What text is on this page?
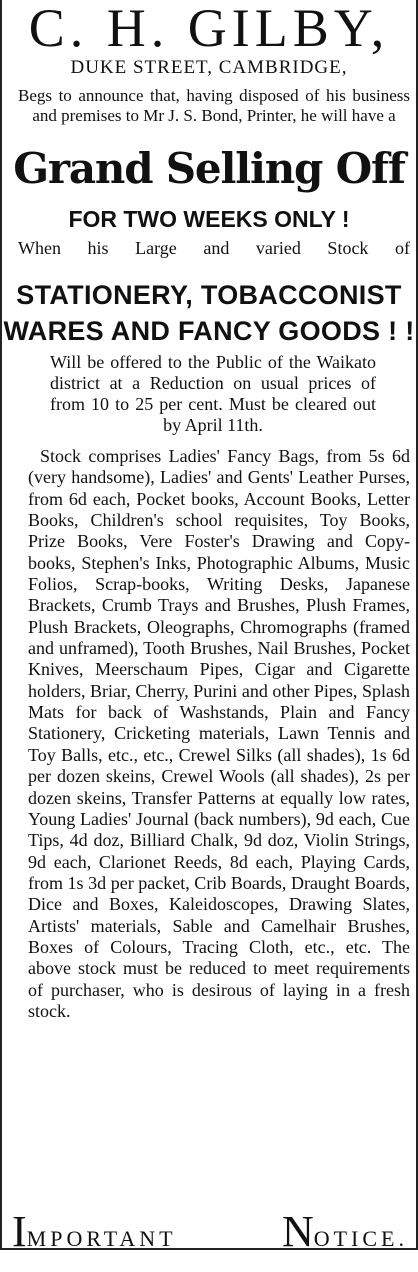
C. H. GILBY,
DUKE STREET, CAMBRIDGE,
Begs to announce that, having disposed of his business and premises to Mr J. S. Bond, Printer, he will have a
Grand Selling Off
FOR TWO WEEKS ONLY !
When his Large and varied Stock of
STATIONERY, TOBACCONIST
WARES AND FANCY GOODS ! !
Will be offered to the Public of the Waikato district at a Reduction on usual prices of from 10 to 25 per cent. Must be cleared out by April 11th.
Stock comprises Ladies' Fancy Bags, from 5s 6d (very handsome), Ladies' and Gents' Leather Purses, from 6d each, Pocket books, Account Books, Letter Books, Children's school requisites, Toy Books, Prize Books, Vere Foster's Drawing and Copy-books, Stephen's Inks, Photographic Albums, Music Folios, Scrap-books, Writing Desks, Japanese Brackets, Crumb Trays and Brushes, Plush Frames, Plush Brackets, Oleographs, Chromographs (framed and unframed), Tooth Brushes, Nail Brushes, Pocket Knives, Meerschaum Pipes, Cigar and Cigarette holders, Briar, Cherry, Purini and other Pipes, Splash Mats for back of Washstands, Plain and Fancy Stationery, Cricketing materials, Lawn Tennis and Toy Balls, etc., etc., Crewel Silks (all shades), 1s 6d per dozen skeins, Crewel Wools (all shades), 2s per dozen skeins, Transfer Patterns at equally low rates, Young Ladies' Journal (back numbers), 9d each, Cue Tips, 4d doz, Billiard Chalk, 9d doz, Violin Strings, 9d each, Clarionet Reeds, 8d each, Playing Cards, from 1s 3d per packet, Crib Boards, Draught Boards, Dice and Boxes, Kaleidoscopes, Drawing Slates, Artists' materials, Sable and Camelhair Brushes, Boxes of Colours, Tracing Cloth, etc., etc. The above stock must be reduced to meet requirements of purchaser, who is desirous of laying in a fresh stock.
I MPORTANT N OTICE.
